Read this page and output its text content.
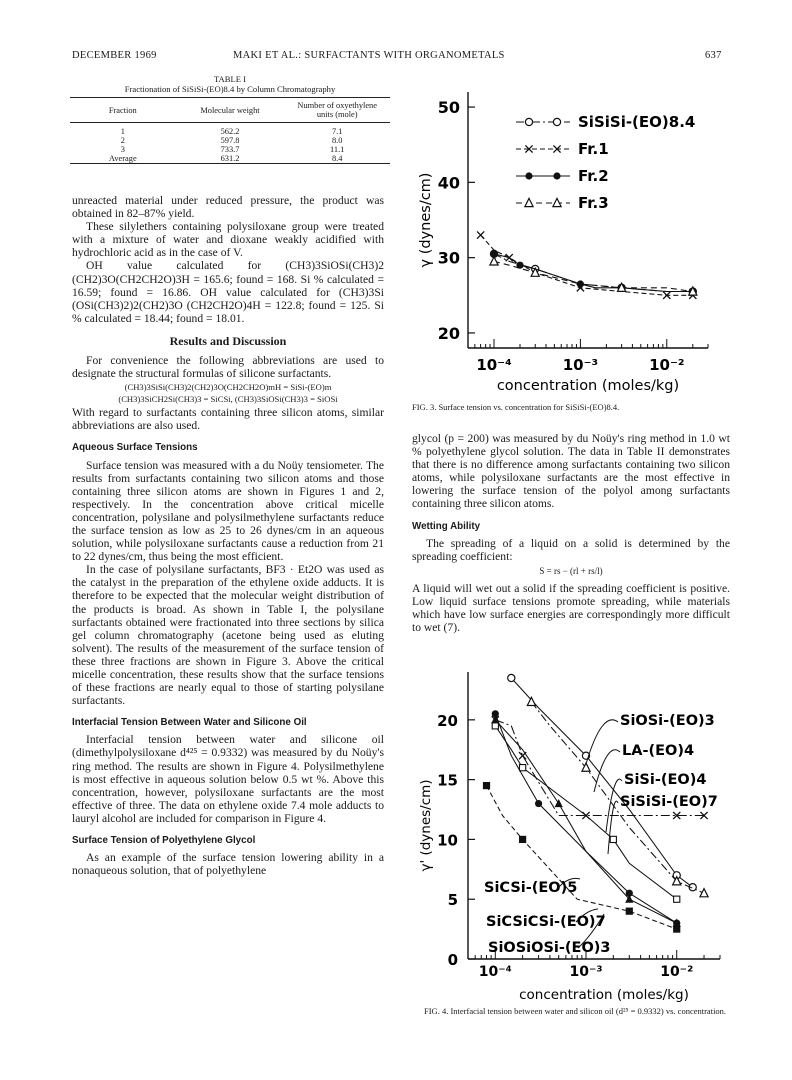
DECEMBER 1969	MAKI ET AL.: SURFACTANTS WITH ORGANOMETALS	637
TABLE I
Fractionation of SiSiSi-(EO)8.4 by Column Chromatography
Fraction	Molecular weight	Number of oxyethylene units (mole)
1	562.2	7.1
2	597.8	8.0
3	733.7	11.1
Average	631.2	8.4

unreacted material under reduced pressure, the product was obtained in 82–87% yield.

These silylethers containing polysiloxane group were treated with a mixture of water and dioxane weakly acidified with hydrochloric acid as in the case of V.

OH value calculated for (CH3)3SiOSi(CH3)2 (CH2)3O(CH2CH2O)3H = 165.6; found = 168. Si % calculated = 16.59; found = 16.86. OH value calculated for (CH3)3Si (OSi(CH3)2)2(CH2)3O (CH2CH2O)4H = 122.8; found = 125. Si % calculated = 18.44; found = 18.01.

Results and Discussion

For convenience the following abbreviations are used to designate the structural formulas of silicone surfactants.

(CH3)3SiSi(CH3)2(CH2)3O(CH2CH2O)mH = SiSi-(EO)m
(CH3)3SiCH2Si(CH3)3 = SiCSi, (CH3)3SiOSi(CH3)3 = SiOSi

With regard to surfactants containing three silicon atoms, similar abbreviations are also used.

Aqueous Surface Tensions

Surface tension was measured with a du Noüy tensiometer. The results from surfactants containing two silicon atoms and those containing three silicon atoms are shown in Figures 1 and 2, respectively. In the concentration above critical micelle concentration, polysilane and polysilmethylene surfactants reduce the surface tension as low as 25 to 26 dynes/cm in an aqueous solution, while polysiloxane surfactants cause a reduction from 21 to 22 dynes/cm, thus being the most efficient.

In the case of polysilane surfactants, BF3 · Et2O was used as the catalyst in the preparation of the ethylene oxide adducts. It is therefore to be expected that the molecular weight distribution of the products is broad. As shown in Table I, the polysilane surfactants obtained were fractionated into three sections by silica gel column chromatography (acetone being used as eluting solvent). The results of the measurement of the surface tension of these three fractions are shown in Figure 3. Above the critical micelle concentration, these results show that the surface tensions of these fractions are nearly equal to those of starting polysilane surfactants.

Interfacial Tension Between Water and Silicone Oil

Interfacial tension between water and silicone oil (dimethylpolysiloxane d⁴²⁵ = 0.9332) was measured by du Noüy's ring method. The results are shown in Figure 4. Polysilmethylene is most effective in aqueous solution below 0.5 wt %. Above this concentration, however, polysiloxane surfactants are the most effective of three. The data on ethylene oxide 7.4 mole adducts to lauryl alcohol are included for comparison in Figure 4.

Surface Tension of Polyethylene Glycol

As an example of the surface tension lowering ability in a nonaqueous solution, that of polyethylene

50
40
30
20
10⁻⁴	10⁻³	10⁻²
concentration (moles/kg)
γ (dynes/cm)
SiSiSi-(EO)8.4
Fr.1
Fr.2
Fr.3
FIG. 3. Surface tension vs. concentration for SiSiSi-(EO)8.4.

glycol (p = 200) was measured by du Noüy's ring method in 1.0 wt % polyethylene glycol solution. The data in Table II demonstrates that there is no difference among surfactants containing two silicon atoms, while polysiloxane surfactants are the most effective in lowering the surface tension of the polyol among surfactants containing three silicon atoms.

Wetting Ability

The spreading of a liquid on a solid is determined by the spreading coefficient:

S = rs − (rl + rs/l)

A liquid will wet out a solid if the spreading coefficient is positive. Low liquid surface tensions promote spreading, while materials which have low surface energies are correspondingly more difficult to wet (7).

20
15
10
5
0
10⁻⁴	10⁻³	10⁻²
concentration (moles/kg)
γ' (dynes/cm)
SiOSi-(EO)3
LA-(EO)4
SiSi-(EO)4
SiSiSi-(EO)7
SiCSi-(EO)5
SiCSiCSi-(EO)7
SiOSiOSi-(EO)3
FIG. 4. Interfacial tension between water and silicon oil (d²⁵ = 0.9332) vs. concentration.
